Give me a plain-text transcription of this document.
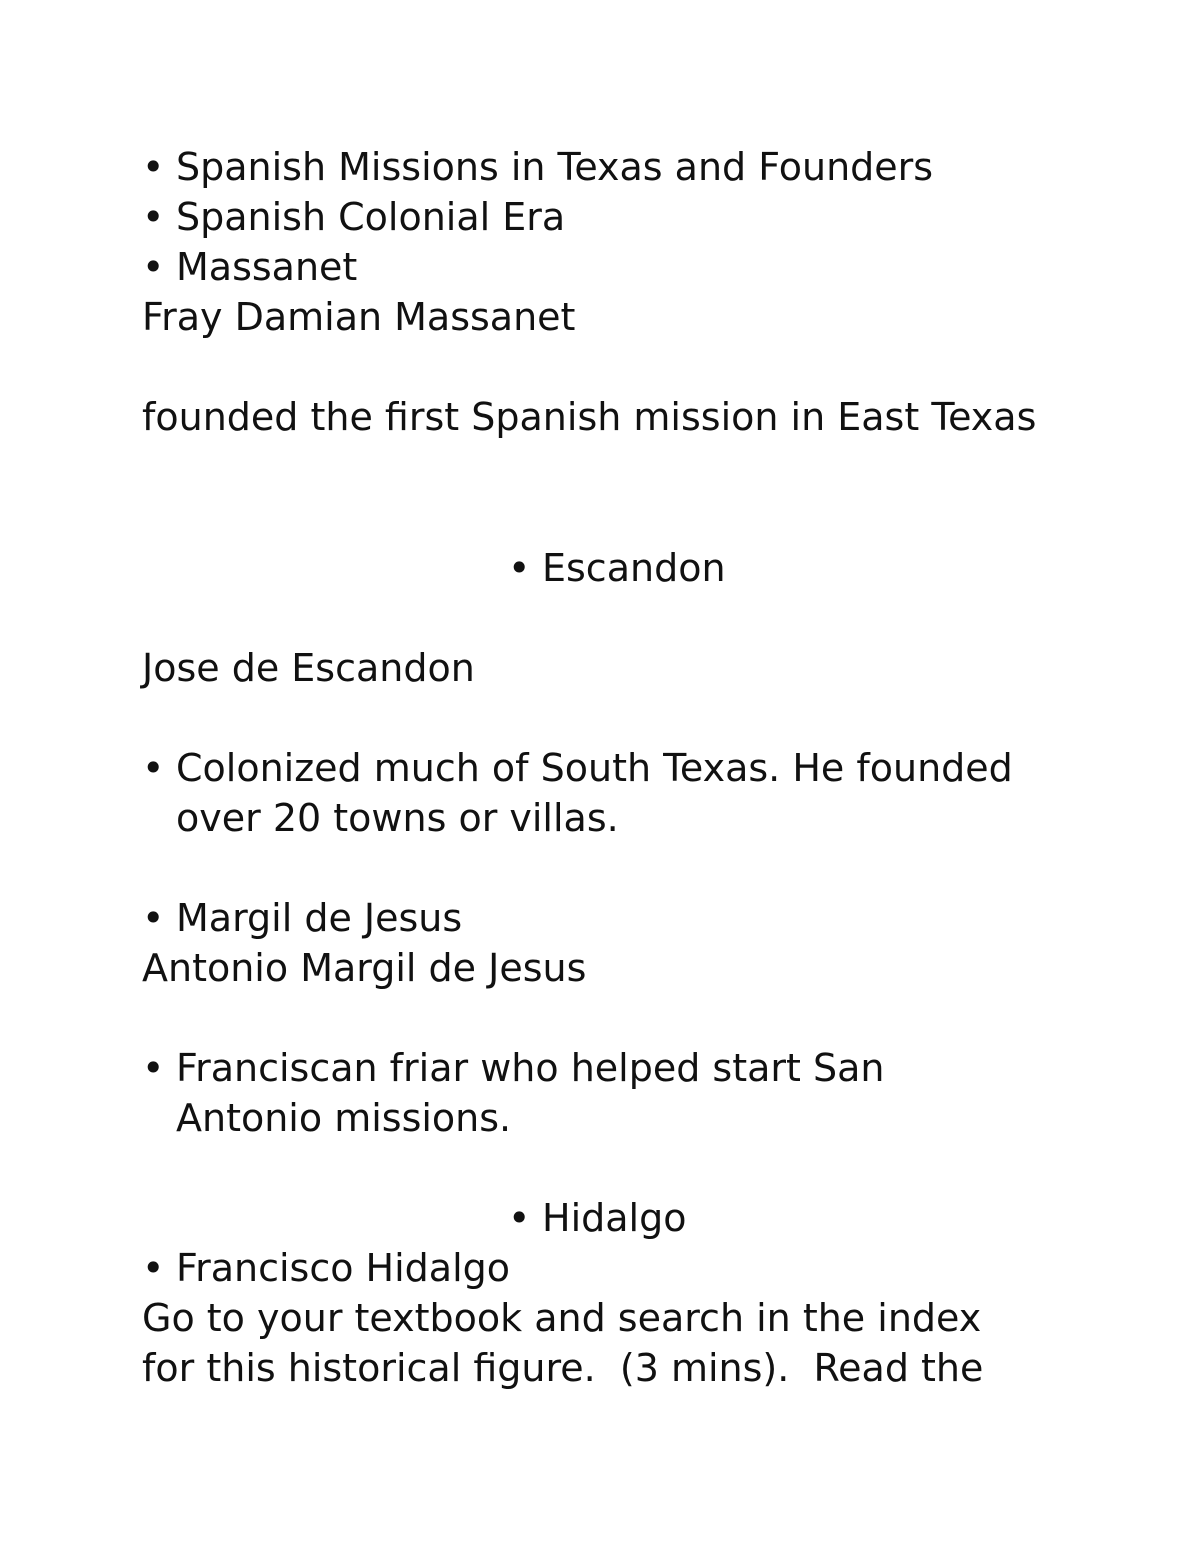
• Spanish Missions in Texas and Founders
• Spanish Colonial Era
• Massanet
Fray Damian Massanet
founded the first Spanish mission in East Texas
• Escandon
Jose de Escandon
• Colonized much of South Texas. He founded
over 20 towns or villas.
• Margil de Jesus
Antonio Margil de Jesus
• Franciscan friar who helped start San
Antonio missions.
• Hidalgo
• Francisco Hidalgo
Go to your textbook and search in the index
for this historical figure.  (3 mins).  Read the
